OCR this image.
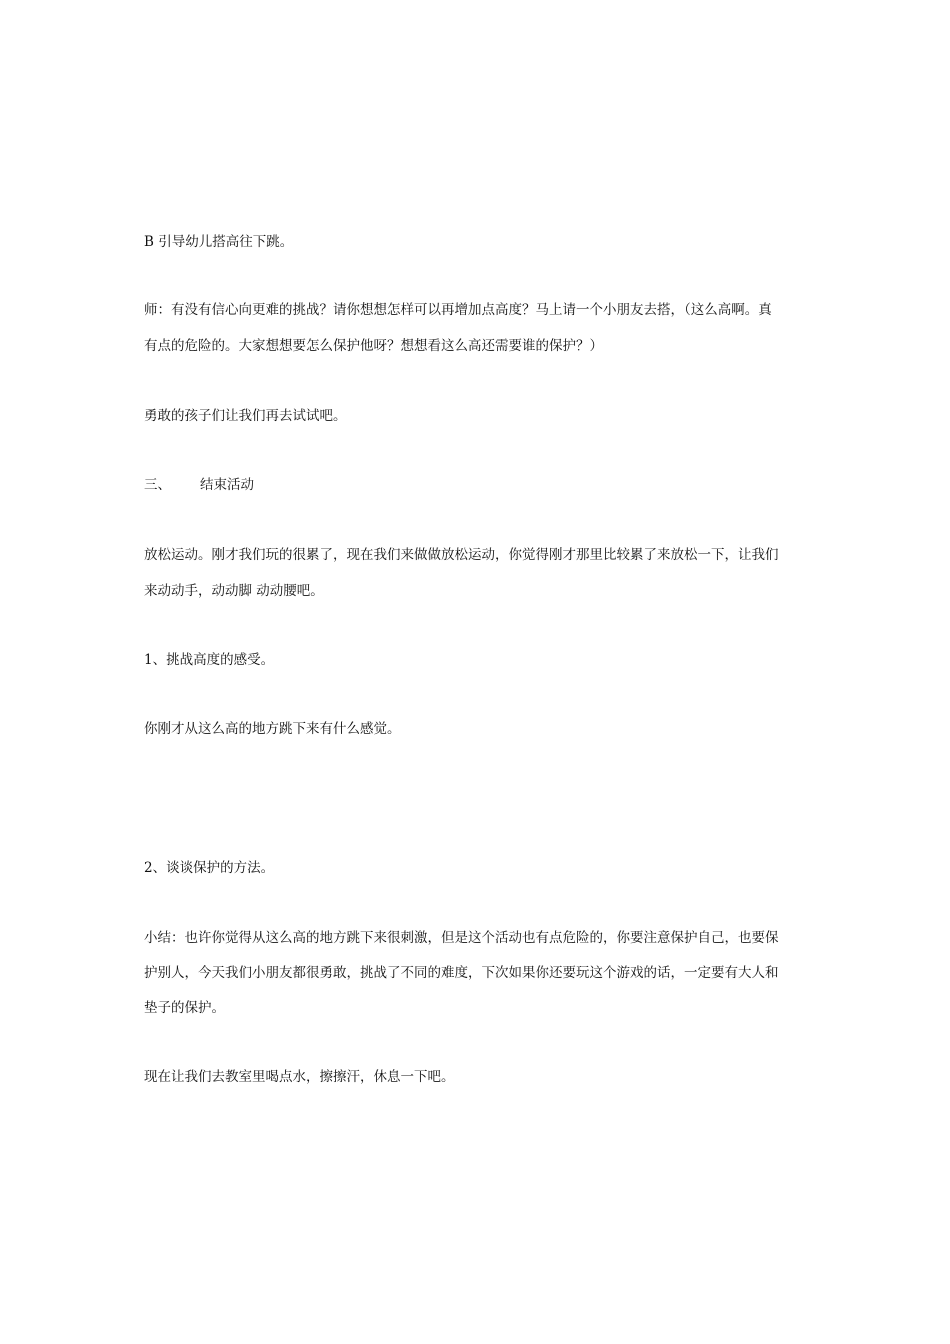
B 引导幼儿搭高往下跳。
师：有没有信心向更难的挑战？请你想想怎样可以再增加点高度？马上请一个小朋友去搭，（这么高啊。真
有点的危险的。大家想想要怎么保护他呀？想想看这么高还需要谁的保护？）
勇敢的孩子们让我们再去试试吧。
三、 结束活动
放松运动。刚才我们玩的很累了，现在我们来做做放松运动，你觉得刚才那里比较累了来放松一下，让我们
来动动手，动动脚 动动腰吧。
1、挑战高度的感受。
你刚才从这么高的地方跳下来有什么感觉。
2、谈谈保护的方法。
小结：也许你觉得从这么高的地方跳下来很刺激，但是这个活动也有点危险的，你要注意保护自己，也要保
护别人，今天我们小朋友都很勇敢，挑战了不同的难度，下次如果你还要玩这个游戏的话，一定要有大人和
垫子的保护。
现在让我们去教室里喝点水，擦擦汗，休息一下吧。
